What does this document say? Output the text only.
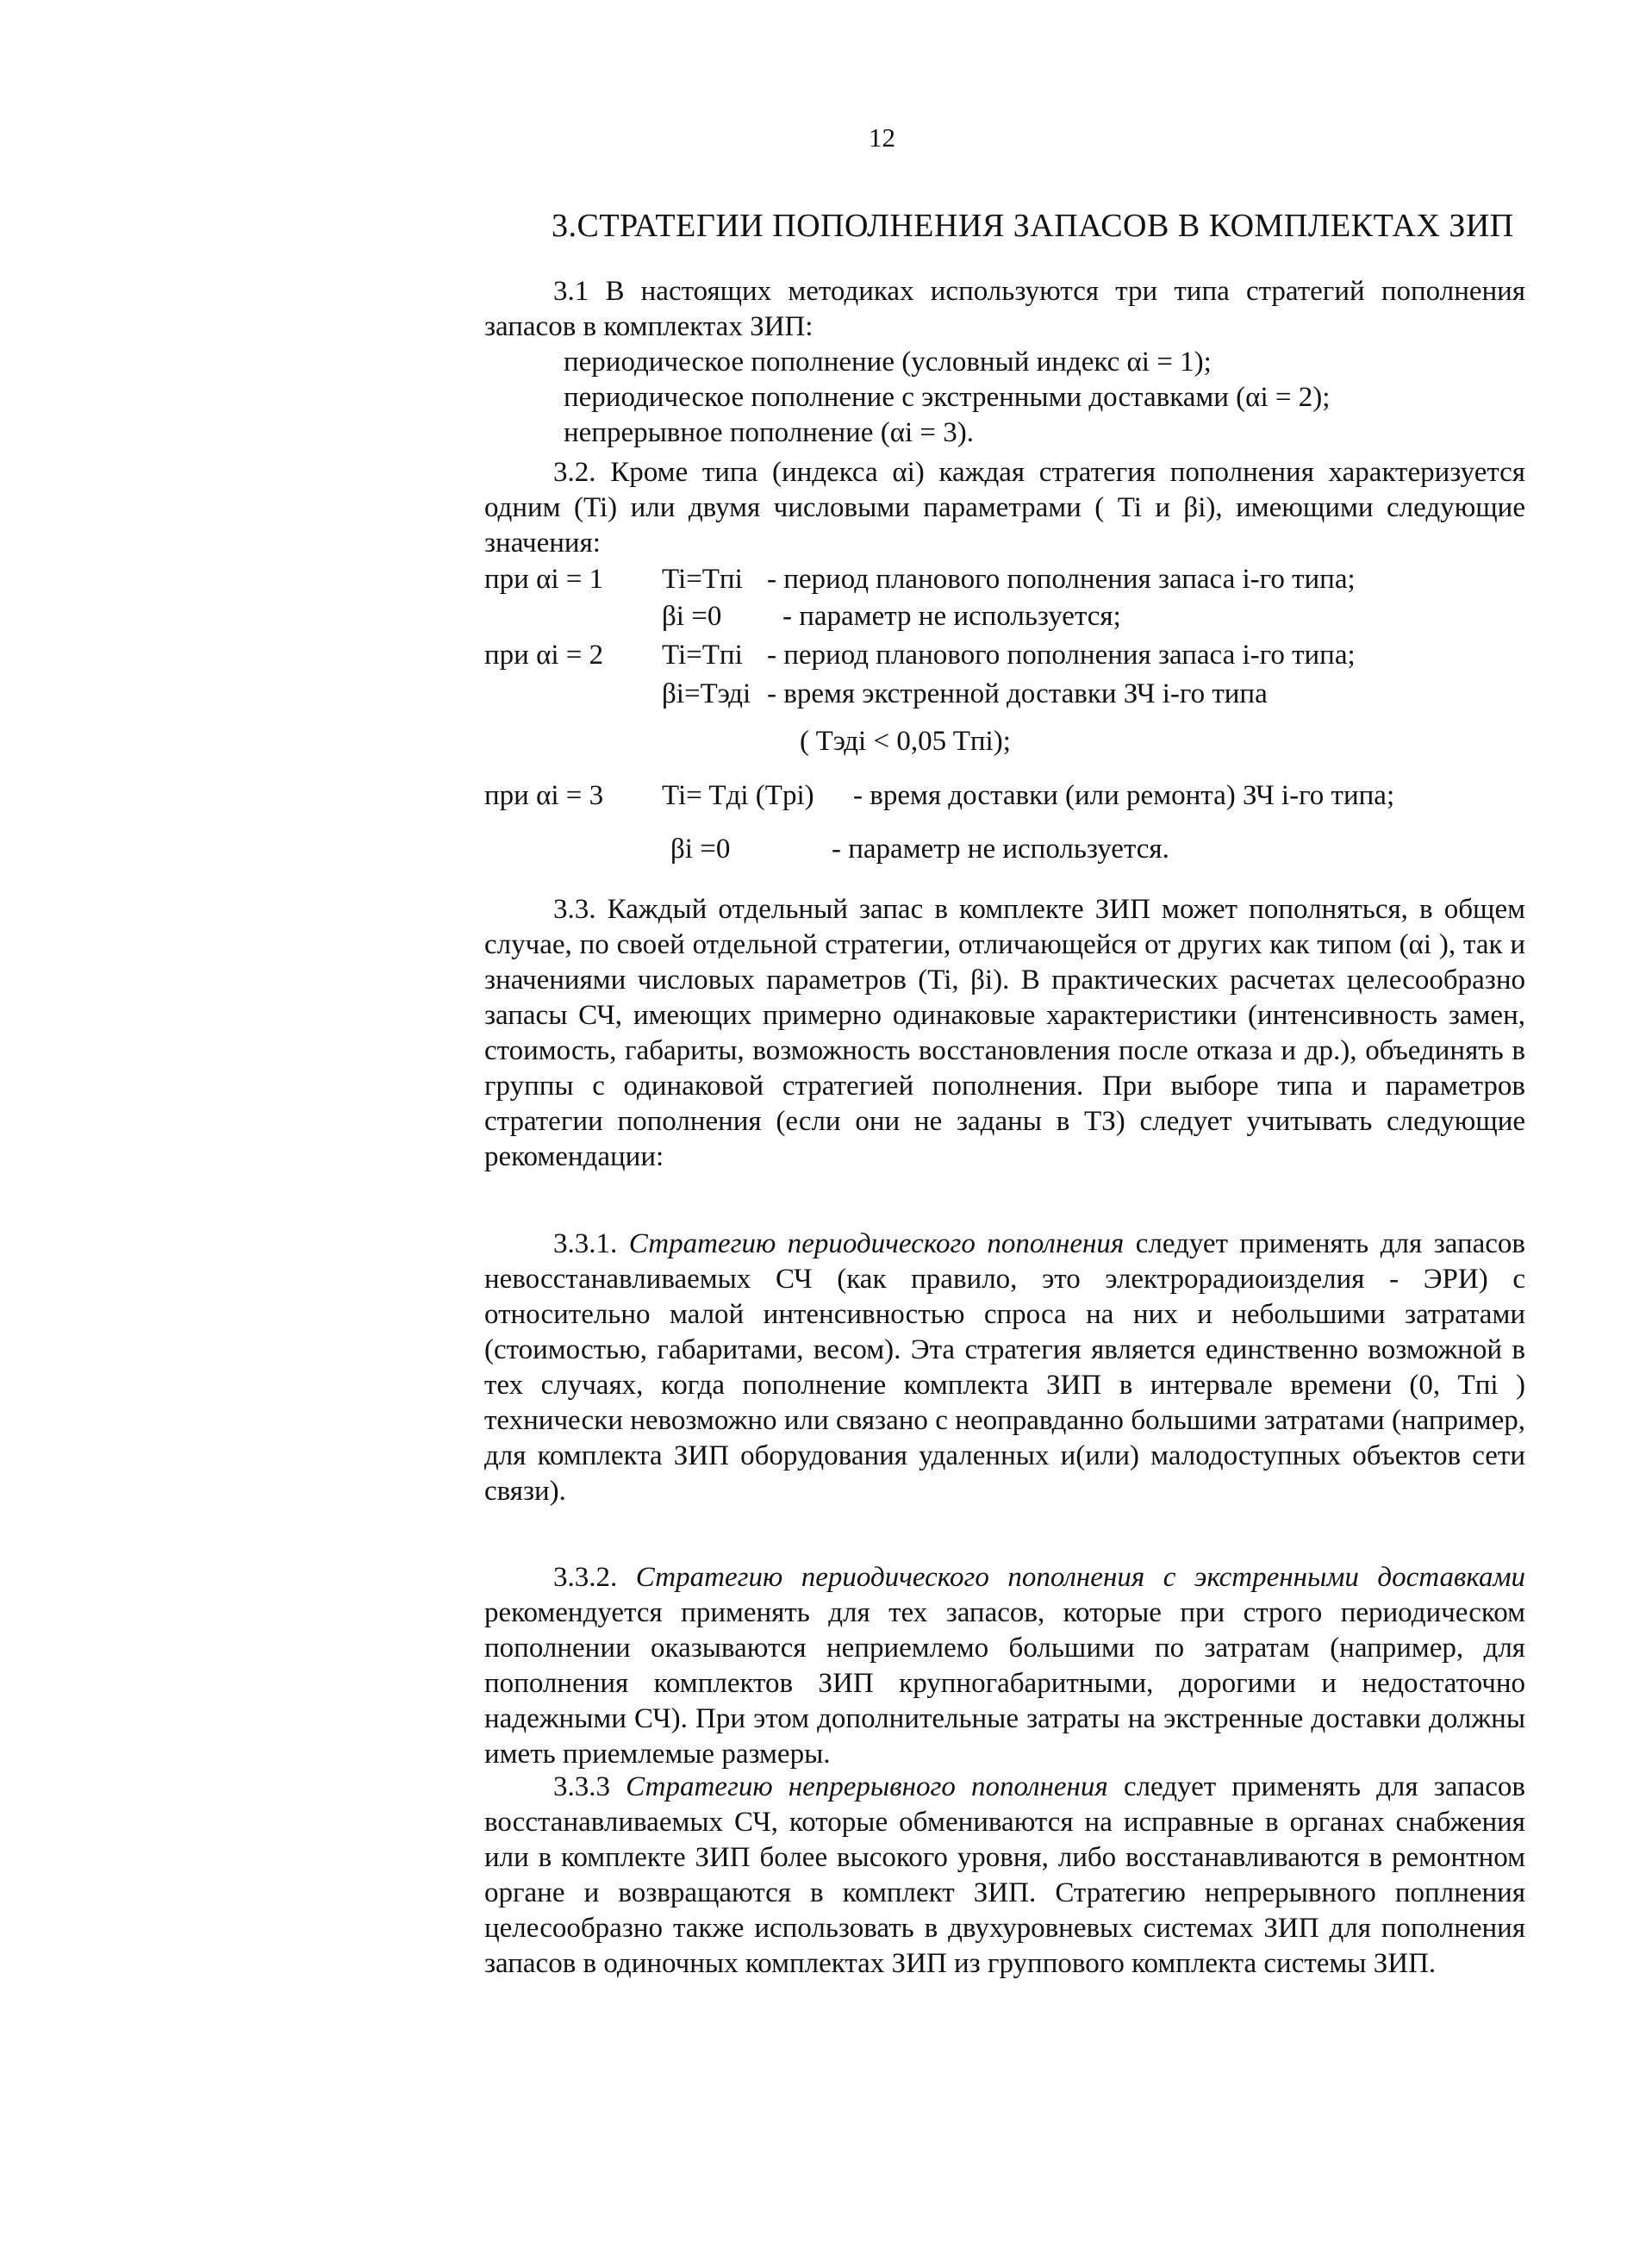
12
3.СТРАТЕГИИ ПОПОЛНЕНИЯ ЗАПАСОВ В КОМПЛЕКТАХ ЗИП

3.1 В настоящих методиках используются три типа стратегий пополнения запасов в комплектах ЗИП:

периодическое пополнение (условный индекс αi = 1);

периодическое пополнение с экстренными доставками (αi = 2);

непрерывное пополнение (αi = 3).

3.2. Кроме типа (индекса αi) каждая стратегия пополнения характеризуется одним (Ti) или двумя числовыми параметрами ( Ti и βi), имеющими следующие значения:

при αi = 1 Ti=Tпi - период планового пополнения запаса i-го типа;
βi =0 - параметр не используется;
при αi = 2 Ti=Tпi - период планового пополнения запаса i-го типа;
βi=Tэдi - время экстренной доставки ЗЧ i-го типа
( Tэдi < 0,05 Tпi);
при αi = 3 Ti= Tдi (Tрi) - время доставки (или ремонта) ЗЧ i-го типа;
βi =0	- параметр не используется.

3.3. Каждый отдельный запас в комплекте ЗИП может пополняться, в общем случае, по своей отдельной стратегии, отличающейся от других как типом (αi ), так и значениями числовых параметров (Ti, βi). В практических расчетах целесообразно запасы СЧ, имеющих примерно одинаковые характеристики (интенсивность замен, стоимость, габариты, возможность восстановления после отказа и др.), объединять в группы с одинаковой стратегией пополнения. При выборе типа и параметров стратегии пополнения (если они не заданы в ТЗ) следует учитывать следующие рекомендации:

3.3.1. Стратегию периодического пополнения следует применять для запасов невосстанавливаемых СЧ (как правило, это электрорадиоизделия - ЭРИ) с относительно малой интенсивностью спроса на них и небольшими затратами (стоимостью, габаритами, весом). Эта стратегия является единственно возможной в тех случаях, когда пополнение комплекта ЗИП в интервале времени (0, Tпi ) технически невозможно или связано с неоправданно большими затратами (например, для комплекта ЗИП оборудования удаленных и(или) малодоступных объектов сети связи).

3.3.2. Стратегию периодического пополнения с экстренными доставками рекомендуется применять для тех запасов, которые при строго периодическом пополнении оказываются неприемлемо большими по затратам (например, для пополнения комплектов ЗИП крупногабаритными, дорогими и недостаточно надежными СЧ). При этом дополнительные затраты на экстренные доставки должны иметь приемлемые размеры.

3.3.3 Стратегию непрерывного пополнения следует применять для запасов восстанавливаемых СЧ, которые обмениваются на исправные в органах снабжения или в комплекте ЗИП более высокого уровня, либо восстанавливаются в ремонтном органе и возвращаются в комплект ЗИП. Стратегию непрерывного поплнения целесообразно также использовать в двухуровневых системах ЗИП для пополнения запасов в одиночных комплектах ЗИП из группового комплекта системы ЗИП.
